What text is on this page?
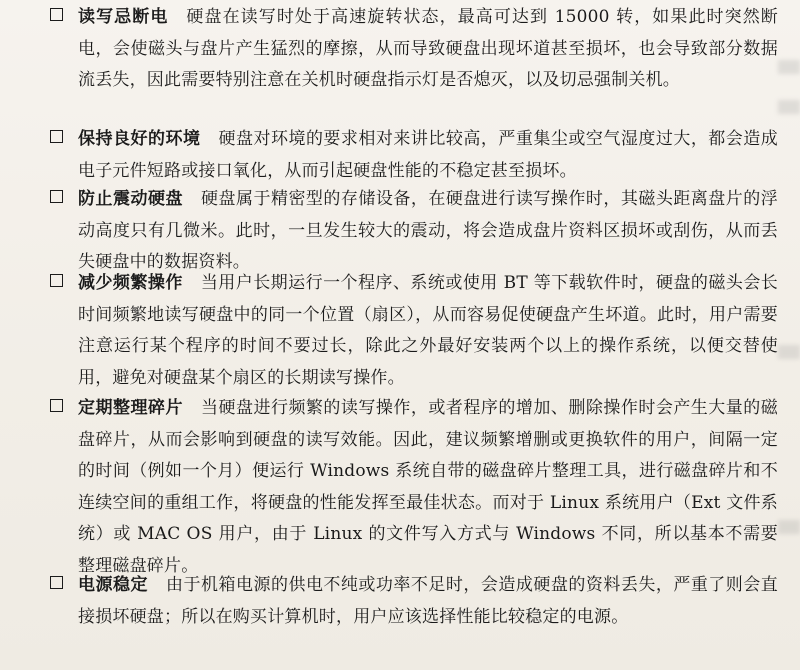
读写忌断电 硬盘在读写时处于高速旋转状态，最高可达到 15000 转，如果此时突然断电，会使磁头与盘片产生猛烈的摩擦，从而导致硬盘出现坏道甚至损坏，也会导致部分数据流丢失，因此需要特别注意在关机时硬盘指示灯是否熄灭，以及切忌强制关机。
保持良好的环境 硬盘对环境的要求相对来讲比较高，严重集尘或空气湿度过大，都会造成电子元件短路或接口氧化，从而引起硬盘性能的不稳定甚至损坏。
防止震动硬盘 硬盘属于精密型的存储设备，在硬盘进行读写操作时，其磁头距离盘片的浮动高度只有几微米。此时，一旦发生较大的震动，将会造成盘片资料区损坏或刮伤，从而丢失硬盘中的数据资料。
减少频繁操作 当用户长期运行一个程序、系统或使用 BT 等下载软件时，硬盘的磁头会长时间频繁地读写硬盘中的同一个位置（扇区），从而容易促使硬盘产生坏道。此时，用户需要注意运行某个程序的时间不要过长，除此之外最好安装两个以上的操作系统，以便交替使用，避免对硬盘某个扇区的长期读写操作。
定期整理碎片 当硬盘进行频繁的读写操作，或者程序的增加、删除操作时会产生大量的磁盘碎片，从而会影响到硬盘的读写效能。因此，建议频繁增删或更换软件的用户，间隔一定的时间（例如一个月）便运行 Windows 系统自带的磁盘碎片整理工具，进行磁盘碎片和不连续空间的重组工作，将硬盘的性能发挥至最佳状态。而对于 Linux 系统用户（Ext 文件系统）或 MAC OS 用户，由于 Linux 的文件写入方式与 Windows 不同，所以基本不需要整理磁盘碎片。
电源稳定 由于机箱电源的供电不纯或功率不足时，会造成硬盘的资料丢失，严重了则会直接损坏硬盘；所以在购买计算机时，用户应该选择性能比较稳定的电源。
